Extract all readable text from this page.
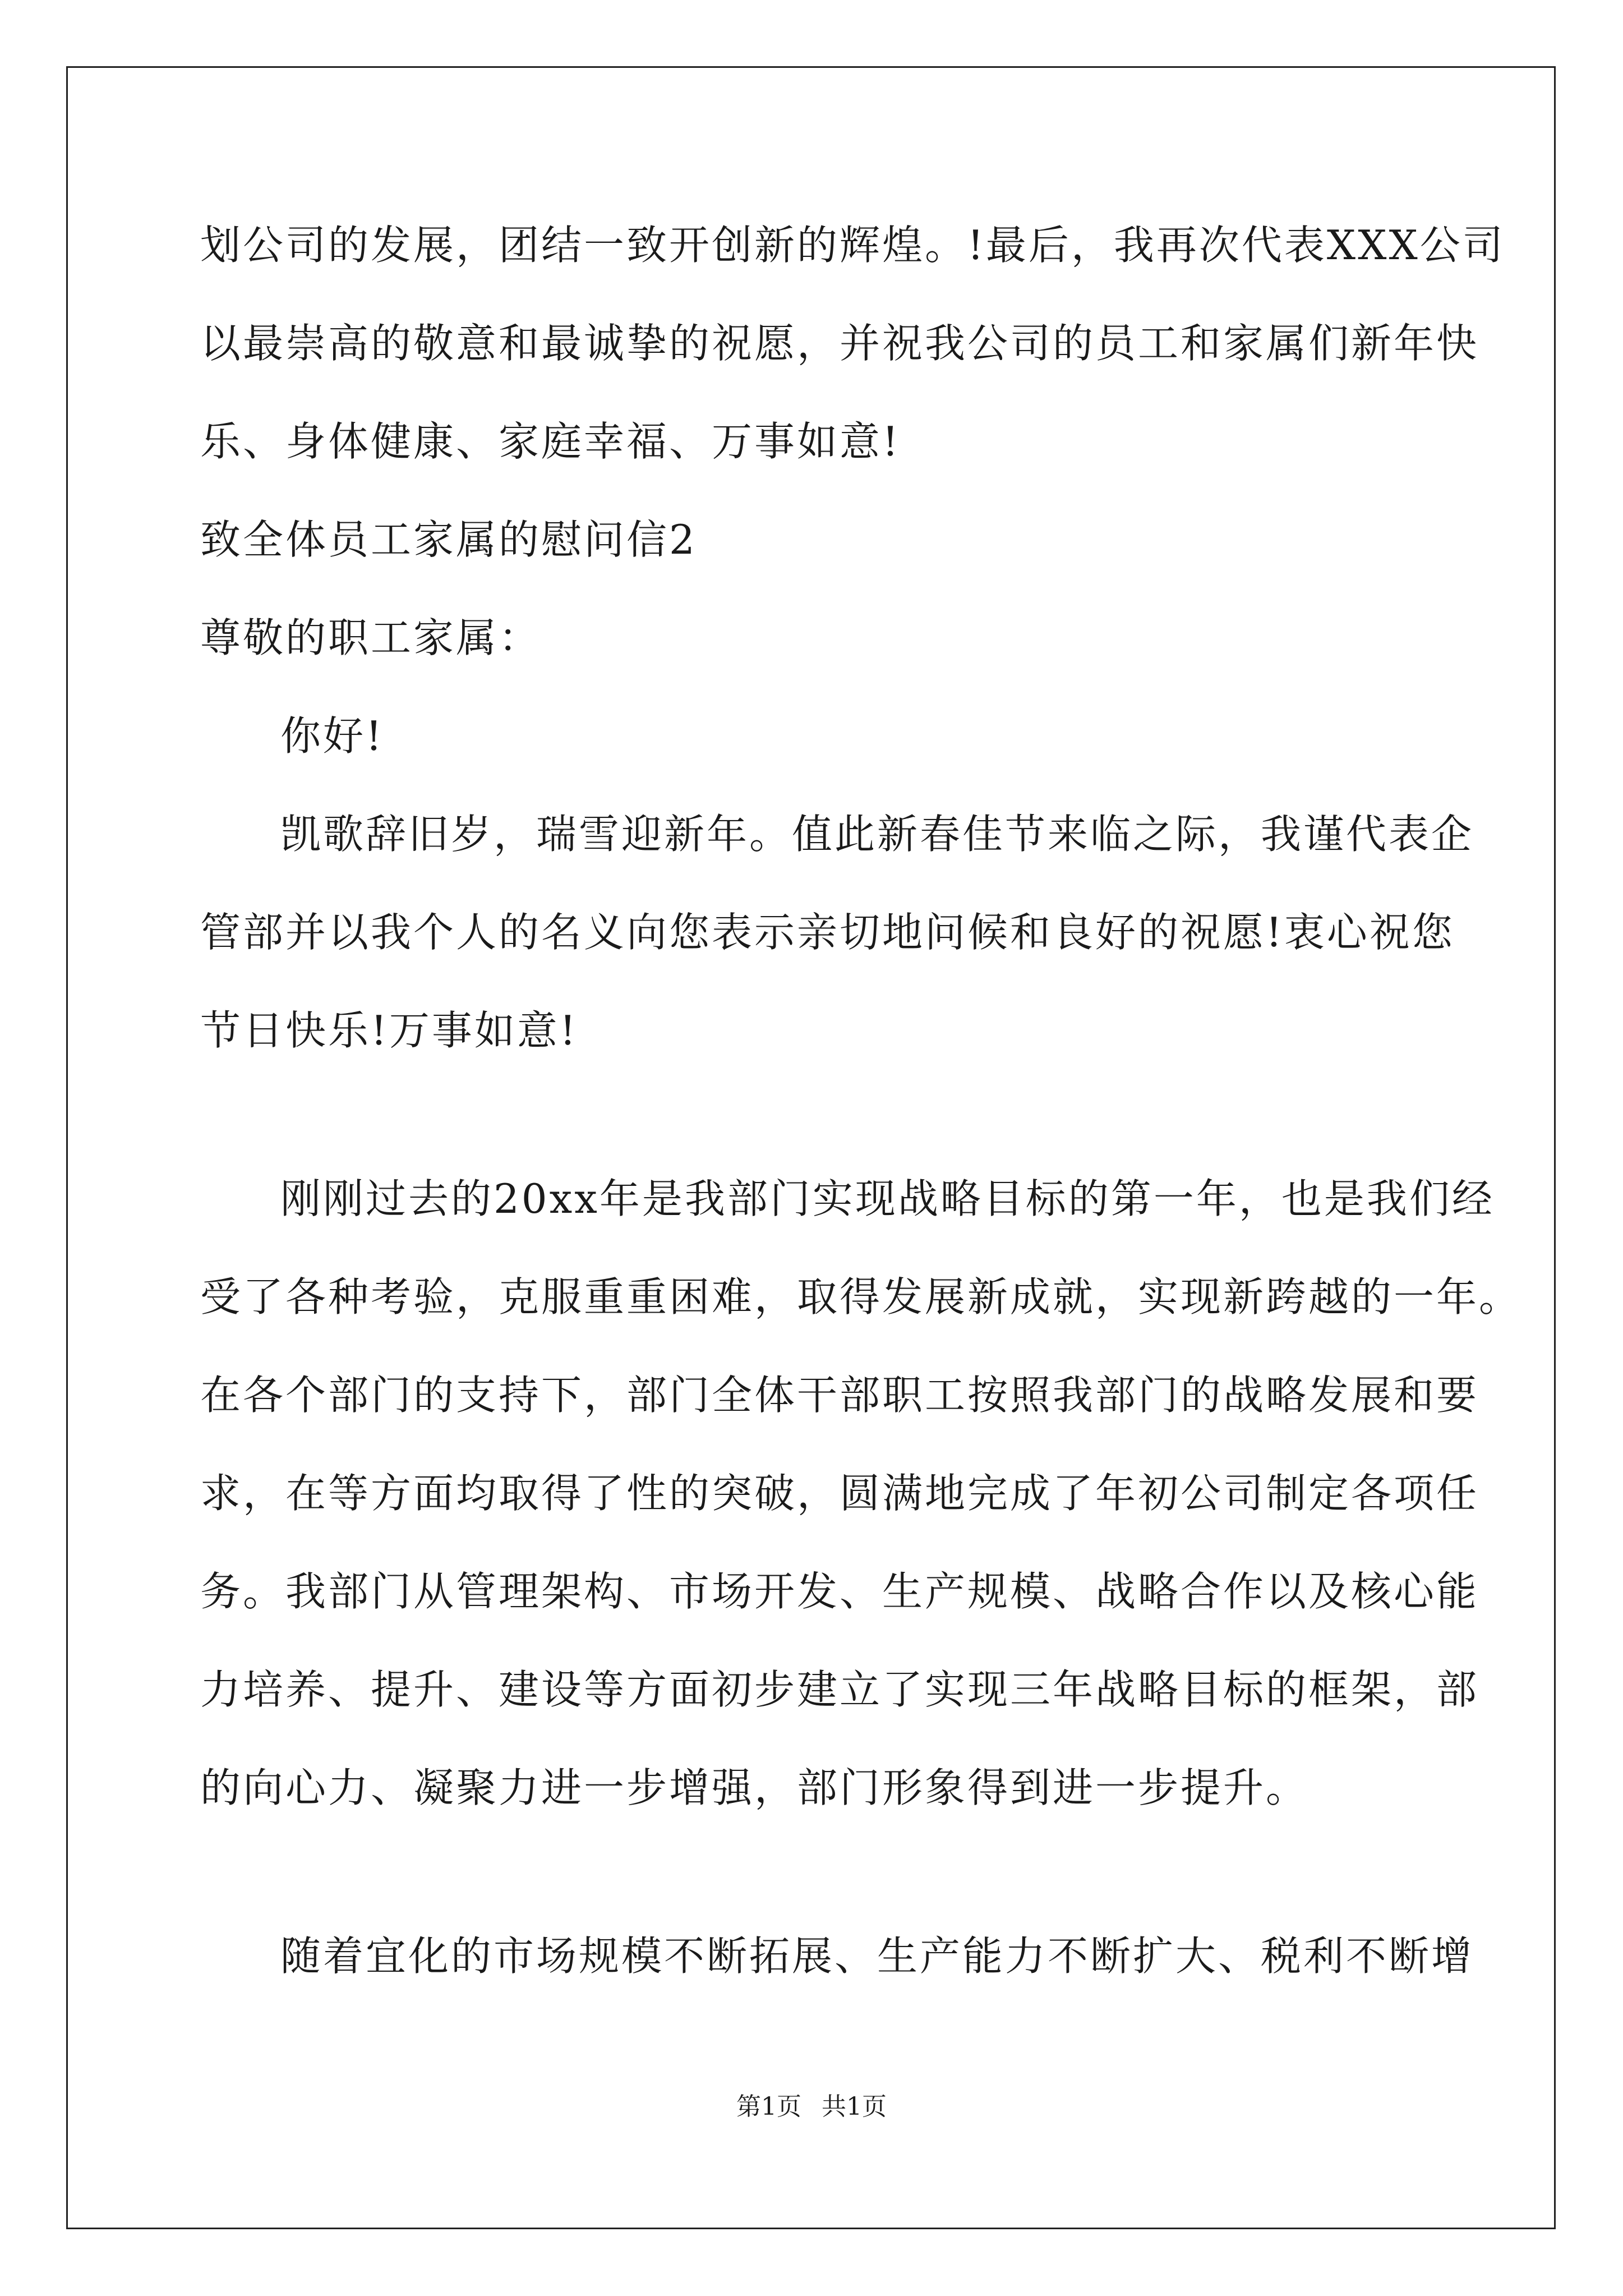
划公司的发展，团结一致开创新的辉煌。!最后，我再次代表XXX公司
以最崇高的敬意和最诚挚的祝愿，并祝我公司的员工和家属们新年快
乐、身体健康、家庭幸福、万事如意!
致全体员工家属的慰问信2
尊敬的职工家属：
你好!
凯歌辞旧岁，瑞雪迎新年。值此新春佳节来临之际，我谨代表企
管部并以我个人的名义向您表示亲切地问候和良好的祝愿!衷心祝您
节日快乐!万事如意!
刚刚过去的20xx年是我部门实现战略目标的第一年，也是我们经
受了各种考验，克服重重困难，取得发展新成就，实现新跨越的一年。
在各个部门的支持下，部门全体干部职工按照我部门的战略发展和要
求，在等方面均取得了性的突破，圆满地完成了年初公司制定各项任
务。我部门从管理架构、市场开发、生产规模、战略合作以及核心能
力培养、提升、建设等方面初步建立了实现三年战略目标的框架，部
的向心力、凝聚力进一步增强，部门形象得到进一步提升。
随着宜化的市场规模不断拓展、生产能力不断扩大、税利不断增
第1页 共1页
